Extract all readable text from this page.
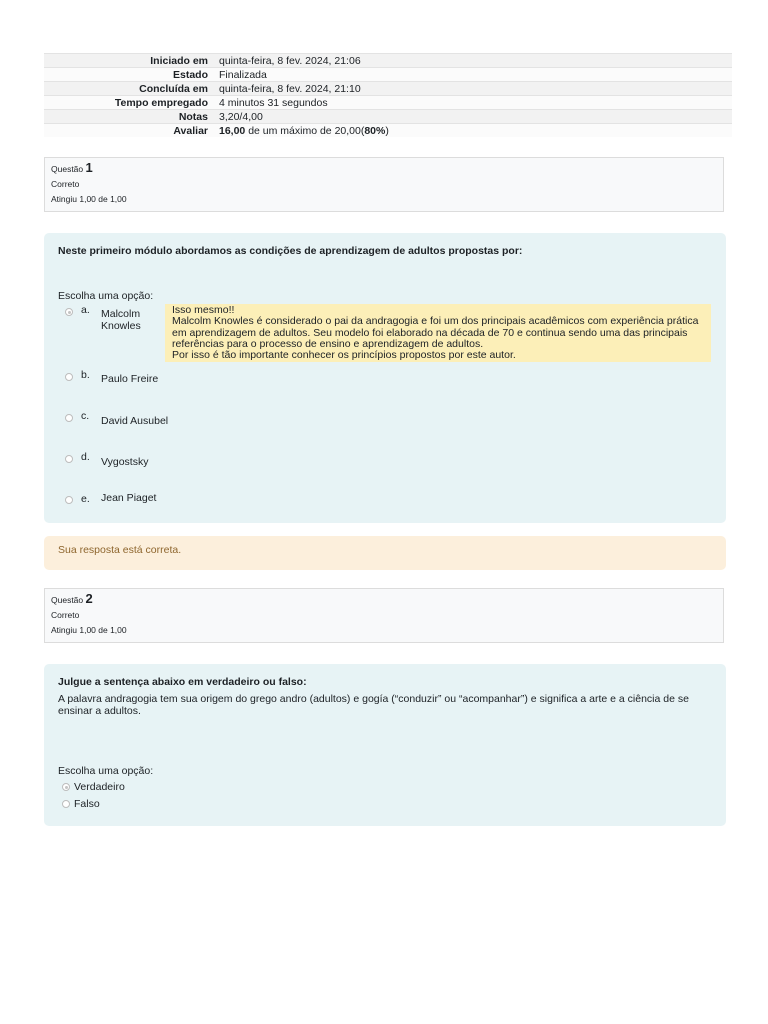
Iniciado em	quinta-feira, 8 fev. 2024, 21:06
Estado	Finalizada
Concluída em	quinta-feira, 8 fev. 2024, 21:10
Tempo empregado	4 minutos 31 segundos
Notas	3,20/4,00
Avaliar	16,00 de um máximo de 20,00(80%)
Questão 1
Correto
Atingiu 1,00 de 1,00
Neste primeiro módulo abordamos as condições de aprendizagem de adultos propostas por:
Escolha uma opção:
a. Malcolm Knowles
b. Paulo Freire
c. David Ausubel
d. Vygostsky
e. Jean Piaget
Isso mesmo!!
Malcolm Knowles é considerado o pai da andragogia e foi um dos principais acadêmicos com experiência prática em aprendizagem de adultos. Seu modelo foi elaborado na década de 70 e continua sendo uma das principais referências para o processo de ensino e aprendizagem de adultos.
Por isso é tão importante conhecer os princípios propostos por este autor.
Sua resposta está correta.
Questão 2
Correto
Atingiu 1,00 de 1,00
Julgue a sentença abaixo em verdadeiro ou falso:
A palavra andragogia tem sua origem do grego andro (adultos) e gogía (“conduzir” ou “acompanhar”) e significa a arte e a ciência de se ensinar a adultos.
Escolha uma opção:
Verdadeiro
Falso
